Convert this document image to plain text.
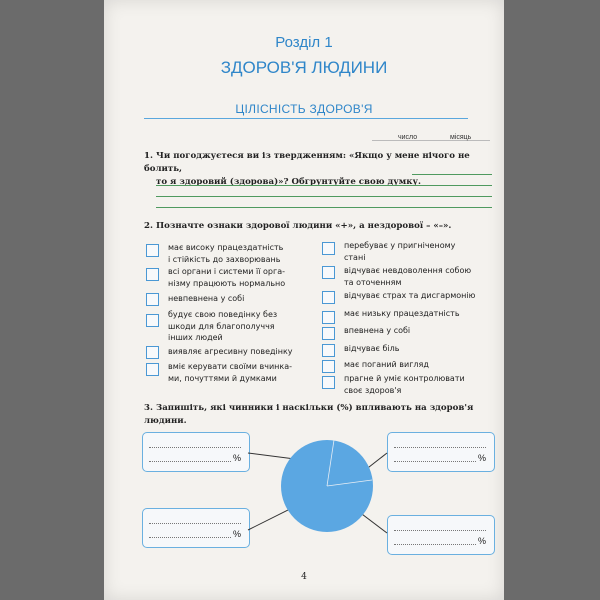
Розділ 1
ЗДОРОВ'Я ЛЮДИНИ
ЦІЛІСНІСТЬ ЗДОРОВ'Я
число	місяць
1. Чи погоджуєтеся ви із твердженням: «Якщо у мене нічого не болить,
то я здоровий (здорова)»? Обгрунтуйте свою думку.
2. Позначте ознаки здорової людини «+», а нездорової – «–».
має високу працездатність
і стійкість до захворювань
всі органи і системи її орга-
нізму працюють нормально
невпевнена у собі
будує свою поведінку без
шкоди для благополуччя
інших людей
виявляє агресивну поведінку
вміє керувати своїми вчинка-
ми, почуттями й думками
перебуває у пригніченому
стані
відчуває невдоволення собою
та оточенням
відчуває страх та дисгармонію
має низьку працездатність
впевнена у собі
відчуває біль
має поганий вигляд
прагне й уміє контролювати
своє здоров'я
3. Запишіть, які чинники і наскільки (%) впливають на здоров'я людини.
%	%
%
%
4
